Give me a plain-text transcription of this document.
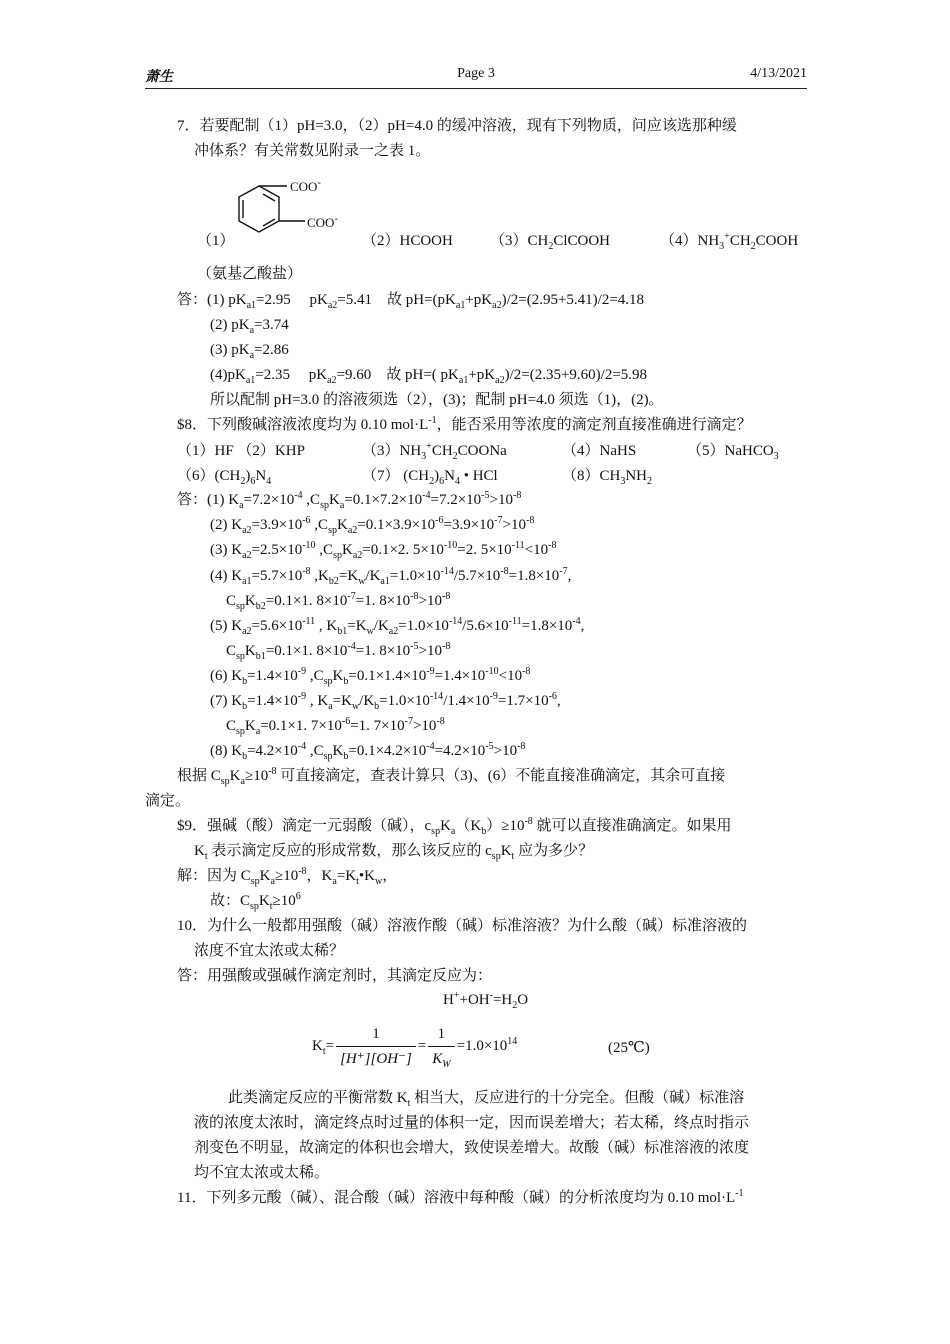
萧生	Page 3	4/13/2021
7．若要配制（1）pH=3.0，（2）pH=4.0 的缓冲溶液，现有下列物质，问应该选那种缓
冲体系？有关常数见附录一之表 1。
COO-
COO-
（1）	（2）HCOOH $(3)CH_2ClCOOH$	$(4)NH_3^+CH_2COOH$
（氨基乙酸盐）
答：(1) $pK_{a1}=2.95$　 $pK_{a2}=5.41$　故 $pH=(pK_{a1}+pK_{a2})/2=(2.95+5.41)/2=4.18$
(2) $pK_a=3.74$
(3) $pK_a=2.86$
$(4)pK_{a1}=2.35$　 $pK_{a2}=9.60$　故 pH=( $pK_{a1}+pK_{a2})/2=(2.35+9.60)/2=5.98$
所以配制 pH=3.0 的溶液须选（2），(3)；配制 pH=4.0 须选（1)，(2)。
$8．下列酸碱溶液浓度均为 0.10 $mol\cdot L^{-1}$，能否采用等浓度的滴定剂直接准确进行滴定？
（1）HF （2）KHP	$(3)NH_3^+CH_2COONa$	（4）NaHS	（5）NaHCO$_3$
$(6)(CH_2)_6N_4$	（7） $(CH_2)_6N_4$ • HCl	$(8)CH_3NH_2$
答：(1) $K_a=7.2\times 10^{-4}$ $,C_{sp}K_a=0.1\times 7.2\times 10^{-4}=7.2\times 10^{-5}>10^{-8}$
(2) $K_{a2}=3.9\times 10^{-6}$ $,C_{sp}K_{a2}=0.1\times 3.9\times 10^{-6}=3.9\times 10^{-7}>10^{-8}$
(3) $K_{a2}=2.5\times 10^{-10}$ $,C_{sp}K_{a2}=0.1\times 2$. $5\times 10^{-10}=2$. $5\times 10^{-11}<10^{-8}$
(4) $K_{a1}=5.7\times 10^{-8}$ $,K_{b2}=K_w/K_{a1}=1.0\times 10^{-14}/5.7\times 10^{-8}=1.8\times 10^{-7}$,
$C_{sp}K_{b2}=0.1\times 1$. $8\times 10^{-7}=1$. $8\times 10^{-8}>10^{-8}$
(5) $K_{a2}=5.6\times 10^{-11}$ , $K_{b1}=K_w/K_{a2}=1.0\times 10^{-14}/5.6\times 10^{-11}=1.8\times 10^{-4}$,
$C_{sp}K_{b1}=0.1\times 1$. $8\times 10^{-4}=1$. $8\times 10^{-5}>10^{-8}$
(6) $K_b=1.4\times 10^{-9}$ $,C_{sp}K_b=0.1\times 1.4\times 10^{-9}=1.4\times 10^{-10}<10^{-8}$
(7) $K_b=1.4\times 10^{-9}$ , $K_a=K_w/K_b=1.0\times 10^{-14}/1.4\times 10^{-9}=1.7\times 10^{-6}$,
$C_{sp}K_a=0.1\times 1$. $7\times 10^{-6}=1$. $7\times 10^{-7}>10^{-8}$
(8) $K_b=4.2\times 10^{-4}$ $,C_{sp}K_b=0.1\times 4.2\times 10^{-4}=4.2\times 10^{-5}>10^{-8}$
根据 $C_{sp}K_a\ge 10^{-8}$ 可直接滴定，查表计算只（3)、(6）不能直接准确滴定，其余可直接
滴定。
$9．强碱（酸）滴定一元弱酸（碱），$c_{sp}K_a(K_b)\ge 10^{-8}$ 就可以直接准确滴定。如果用
$K_t$ 表示滴定反应的形成常数，那么该反应的 $c_{sp}K_t$ 应为多少？
解：因为 $C_{sp}K_a\ge 10^{-8}$，$K_a=K_t•K_w$，
故：$C_{sp}K_t\ge 10^6$
10．为什么一般都用强酸（碱）溶液作酸（碱）标准溶液？为什么酸（碱）标准溶液的
浓度不宜太浓或太稀？
答：用强酸或强碱作滴定剂时，其滴定反应为：
$H^++OH^-=H_2O$
$K_t= \frac{1}{[H^+][OH^-]} = \frac{1}{K_W} =1.0\times 10^{14}$	(25℃)
此类滴定反应的平衡常数 $K_t$ 相当大，反应进行的十分完全。但酸（碱）标准溶
液的浓度太浓时，滴定终点时过量的体积一定，因而误差增大；若太稀，终点时指示
剂变色不明显，故滴定的体积也会增大，致使误差增大。故酸（碱）标准溶液的浓度
均不宜太浓或太稀。
11．下列多元酸（碱）、混合酸（碱）溶液中每种酸（碱）的分析浓度均为 0.10 $mol\cdot L^{-1}$
